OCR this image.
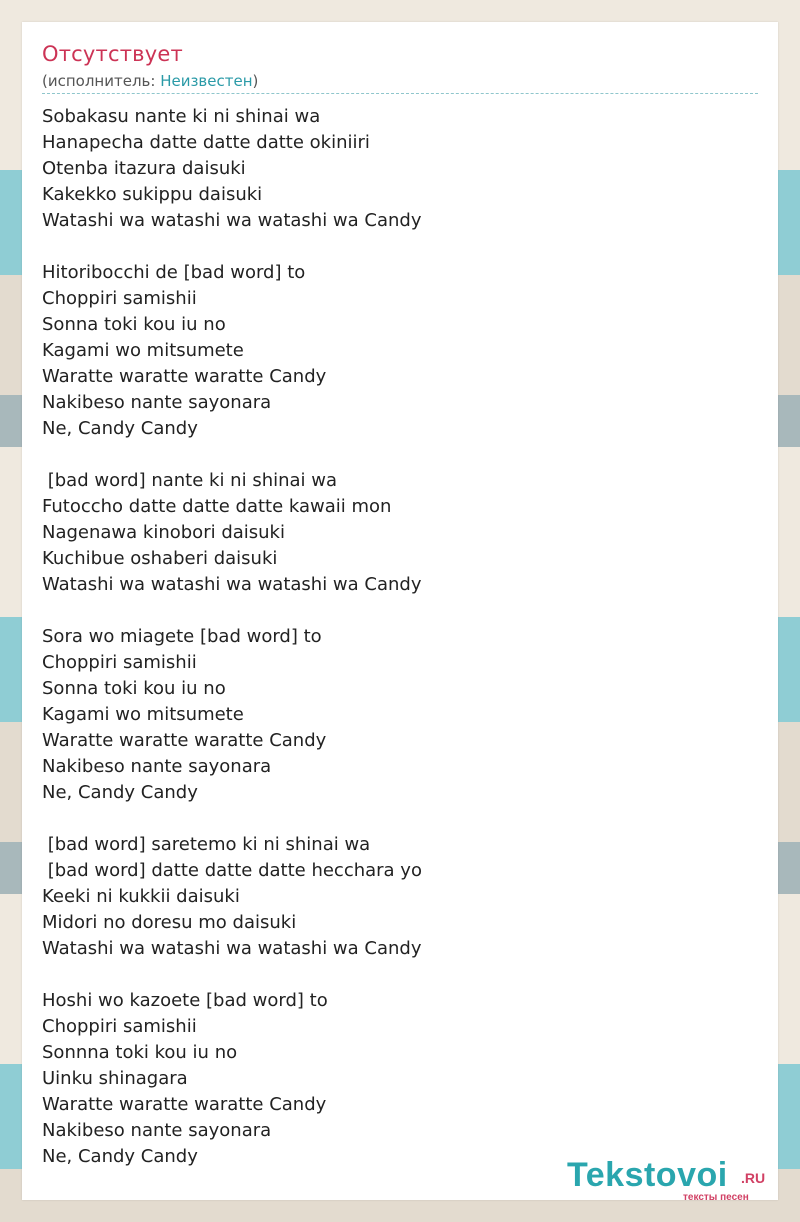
Отсутствует
(исполнитель: Неизвестен)
Sobakasu nante ki ni shinai wa
Hanapecha datte datte datte okiniiri
Otenba itazura daisuki
Kakekko sukippu daisuki
Watashi wa watashi wa watashi wa Candy
Hitoribocchi de [bad word] to
Choppiri samishii
Sonna toki kou iu no
Kagami wo mitsumete
Waratte waratte waratte Candy
Nakibeso nante sayonara
Ne, Candy Candy
[bad word] nante ki ni shinai wa
Futoccho datte datte datte kawaii mon
Nagenawa kinobori daisuki
Kuchibue oshaberi daisuki
Watashi wa watashi wa watashi wa Candy
Sora wo miagete [bad word] to
Choppiri samishii
Sonna toki kou iu no
Kagami wo mitsumete
Waratte waratte waratte Candy
Nakibeso nante sayonara
Ne, Candy Candy
[bad word] saretemo ki ni shinai wa
[bad word] datte datte datte hecchara yo
Keeki ni kukkii daisuki
Midori no doresu mo daisuki
Watashi wa watashi wa watashi wa Candy
Hoshi wo kazoete [bad word] to
Choppiri samishii
Sonnna toki kou iu no
Uinku shinagara
Waratte waratte waratte Candy
Nakibeso nante sayonara
Ne, Candy Candy	Tekstovoi .RU
тексты песен
